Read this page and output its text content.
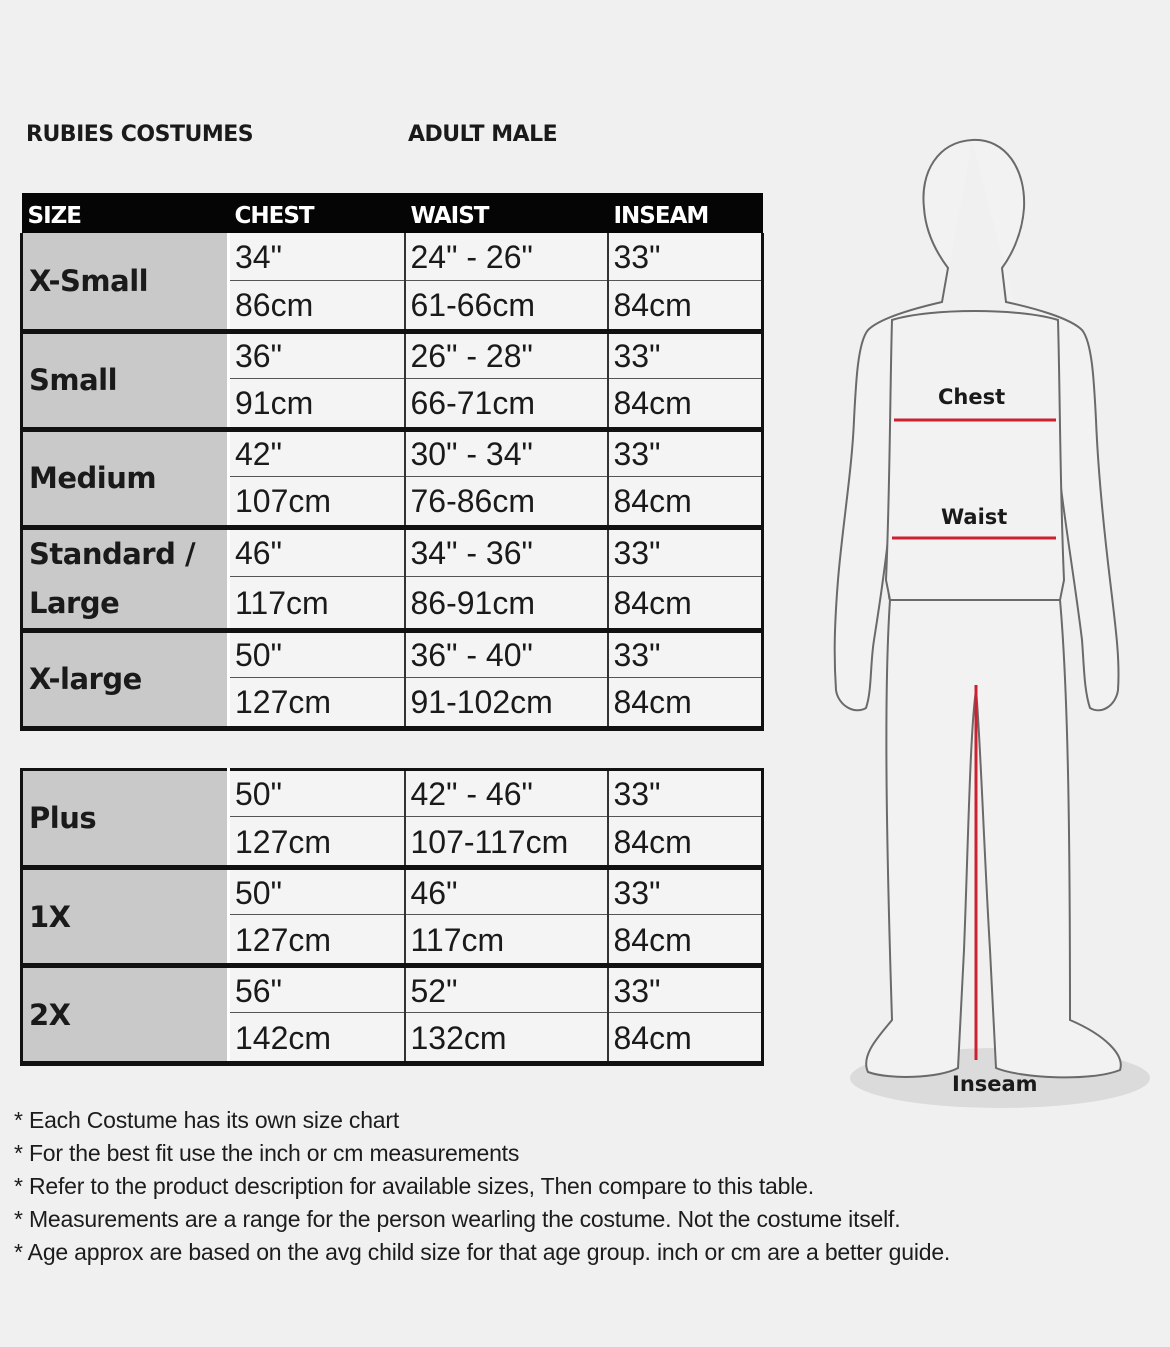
RUBIES COSTUMES	ADULT MALE
SIZE	CHEST	WAIST	INSEAM
X-Small	34"	24" - 26"	33"
	86cm	61-66cm	84cm
Small	36"	26" - 28"	33"
	91cm	66-71cm	84cm
Medium	42"	30" - 34"	33"
	107cm	76-86cm	84cm
Standard / Large	46"	34" - 36"	33"
	117cm	86-91cm	84cm
X-large	50"	36" - 40"	33"
	127cm	91-102cm	84cm
Plus	50"	42" - 46"	33"
	127cm	107-117cm	84cm
1X	50"	46"	33"
	127cm	117cm	84cm
2X	56"	52"	33"
	142cm	132cm	84cm
Chest
Waist
Inseam
* Each Costume has its own size chart
* For the best fit use the inch or cm measurements
* Refer to the product description for available sizes, Then compare to this table.
* Measurements are a range for the person wearling the costume. Not the costume itself.
* Age approx are based on the avg child size for that age group. inch or cm are a better guide.
